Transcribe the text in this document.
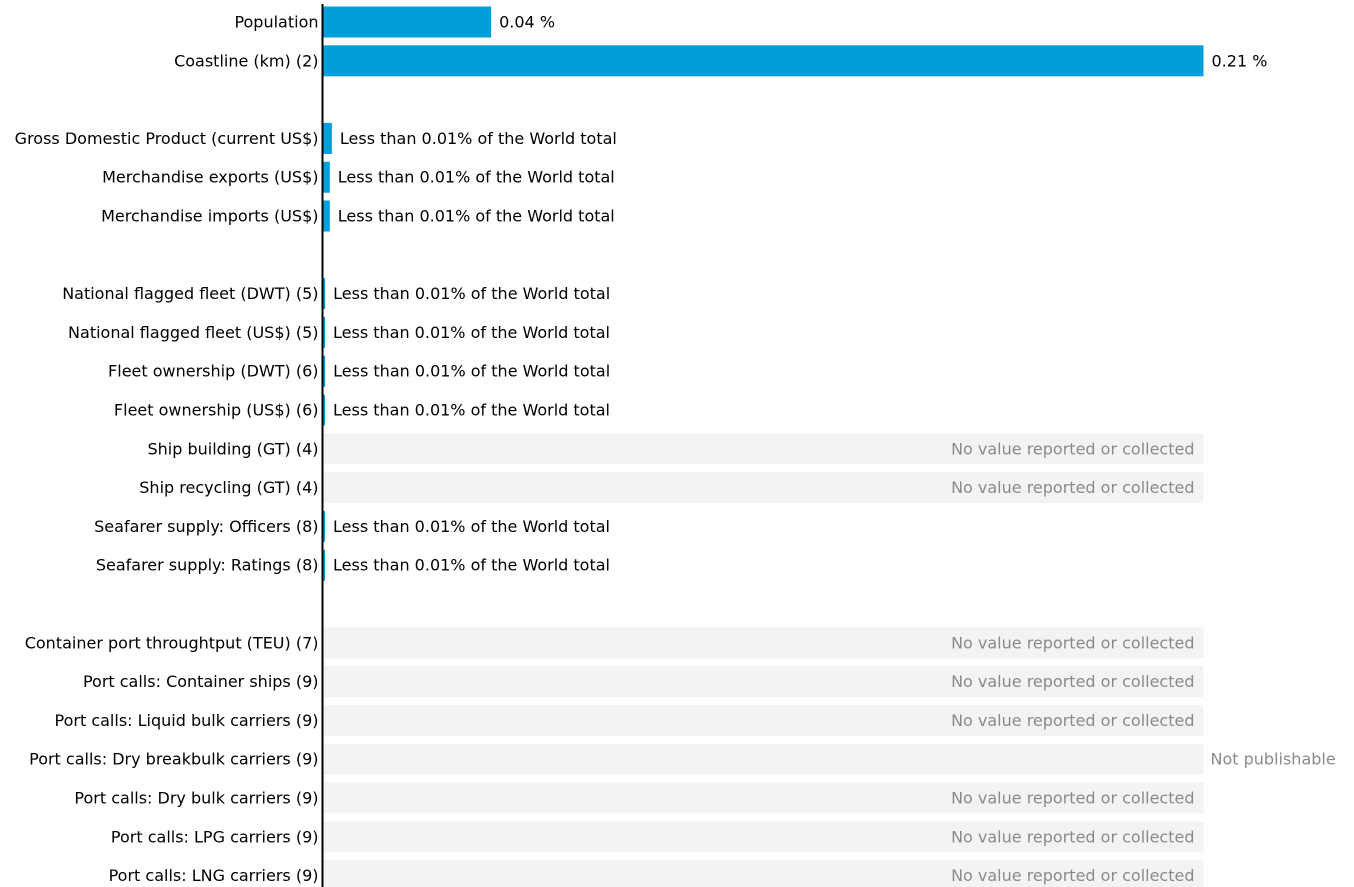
Population
Coastline (km) (2)
Gross Domestic Product (current US$)
Merchandise exports (US$)
Merchandise imports (US$)
National flagged fleet (DWT) (5)
National flagged fleet (US$) (5)
Fleet ownership (DWT) (6)
Fleet ownership (US$) (6)
Ship building (GT) (4)
Ship recycling (GT) (4)
Seafarer supply: Officers (8)
Seafarer supply: Ratings (8)
Container port throughtput (TEU) (7)
Port calls: Container ships (9)
Port calls: Liquid bulk carriers (9)
Port calls: Dry breakbulk carriers (9)
Port calls: Dry bulk carriers (9)
Port calls: LPG carriers (9)
Port calls: LNG carriers (9)
0.04 %
0.21 %
Less than 0.01% of the World total
Less than 0.01% of the World total
Less than 0.01% of the World total
Less than 0.01% of the World total
Less than 0.01% of the World total
Less than 0.01% of the World total
Less than 0.01% of the World total
No value reported or collected
No value reported or collected
Less than 0.01% of the World total
Less than 0.01% of the World total
No value reported or collected
No value reported or collected
No value reported or collected
Not publishable
No value reported or collected
No value reported or collected
No value reported or collected
